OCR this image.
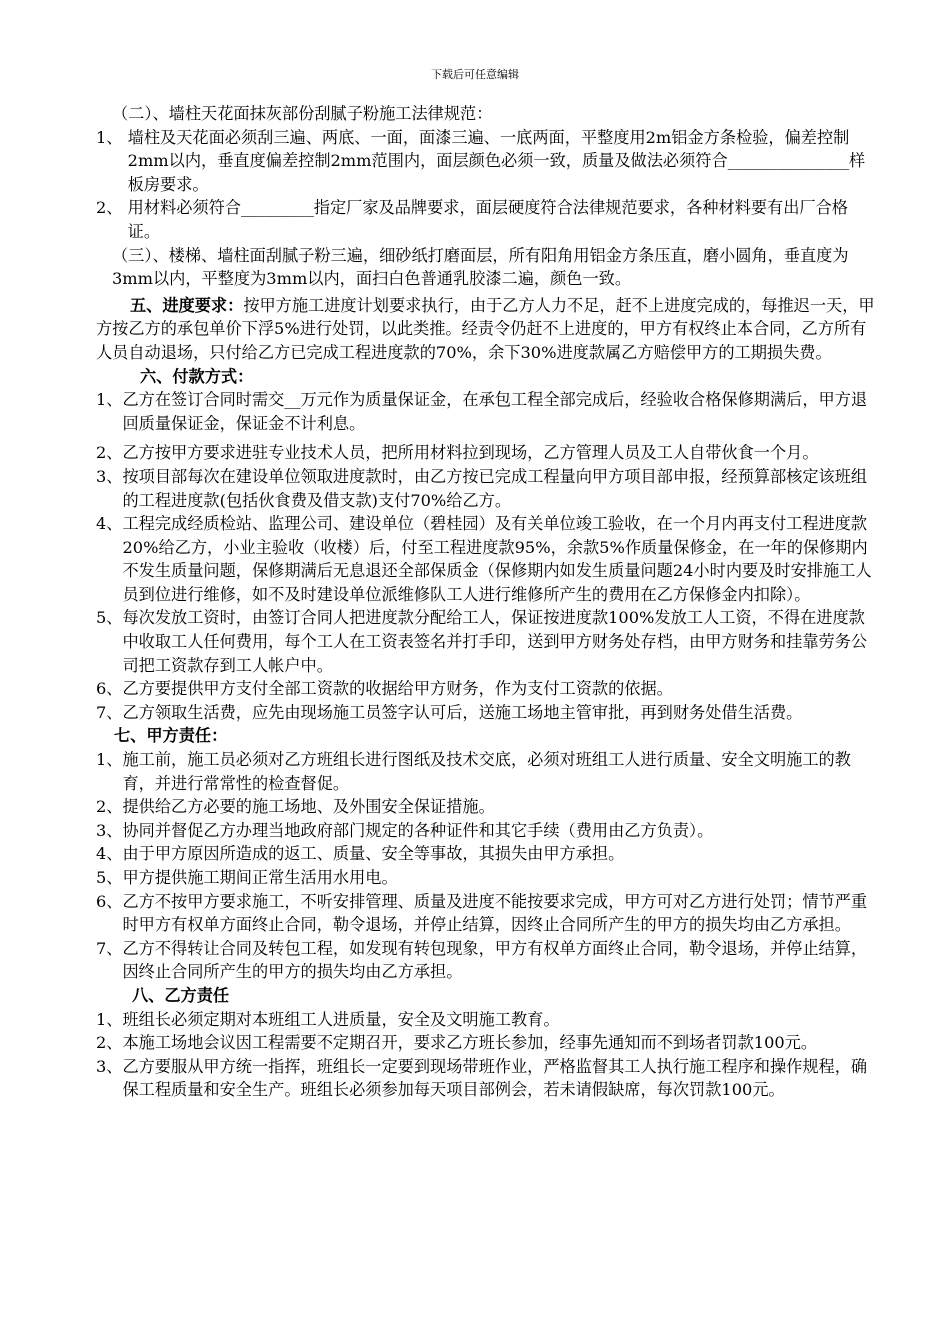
下载后可任意编辑

（二）、墙柱天花面抹灰部份刮腻子粉施工法律规范：

1、 墙柱及天花面必须刮三遍、两底、一面，面漆三遍、一底两面，平整度用2m铝金方条检验，偏差控制2mm以内，垂直度偏差控制2mm范围内，面层颜色必须一致，质量及做法必须符合_______________样板房要求。
2、 用材料必须符合_________指定厂家及品牌要求，面层硬度符合法律规范要求，各种材料要有出厂合格证。

（三）、楼梯、墙柱面刮腻子粉三遍，细砂纸打磨面层，所有阳角用铝金方条压直，磨小圆角，垂直度为3mm以内，平整度为3mm以内，面扫白色普通乳胶漆二遍，颜色一致。

五、进度要求：按甲方施工进度计划要求执行，由于乙方人力不足，赶不上进度完成的，每推迟一天，甲方按乙方的承包单价下浮5%进行处罚，以此类推。经责令仍赶不上进度的，甲方有权终止本合同，乙方所有人员自动退场，只付给乙方已完成工程进度款的70%，余下30%进度款属乙方赔偿甲方的工期损失费。

六、付款方式：

1、 乙方在签订合同时需交__万元作为质量保证金，在承包工程全部完成后，经验收合格保修期满后，甲方退回质量保证金，保证金不计利息。
2、 乙方按甲方要求进驻专业技术人员，把所用材料拉到现场，乙方管理人员及工人自带伙食一个月。
3、 按项目部每次在建设单位领取进度款时，由乙方按已完成工程量向甲方项目部申报，经预算部核定该班组的工程进度款(包括伙食费及借支款)支付70%给乙方。
4、 工程完成经质检站、监理公司、建设单位（碧桂园）及有关单位竣工验收，在一个月内再支付工程进度款20%给乙方，小业主验收（收楼）后，付至工程进度款95%，余款5%作质量保修金，在一年的保修期内不发生质量问题，保修期满后无息退还全部保质金（保修期内如发生质量问题24小时内要及时安排施工人员到位进行维修，如不及时建设单位派维修队工人进行维修所产生的费用在乙方保修金内扣除）。
5、 每次发放工资时，由签订合同人把进度款分配给工人，保证按进度款100%发放工人工资，不得在进度款中收取工人任何费用，每个工人在工资表签名并打手印，送到甲方财务处存档，由甲方财务和挂靠劳务公司把工资款存到工人帐户中。
6、 乙方要提供甲方支付全部工资款的收据给甲方财务，作为支付工资款的依据。
7、 乙方领取生活费，应先由现场施工员签字认可后，送施工场地主管审批，再到财务处借生活费。

七、甲方责任：

1、 施工前，施工员必须对乙方班组长进行图纸及技术交底，必须对班组工人进行质量、安全文明施工的教育，并进行常常性的检查督促。
2、 提供给乙方必要的施工场地、及外围安全保证措施。
3、 协同并督促乙方办理当地政府部门规定的各种证件和其它手续（费用由乙方负责）。
4、 由于甲方原因所造成的返工、质量、安全等事故，其损失由甲方承担。
5、 甲方提供施工期间正常生活用水用电。
6、 乙方不按甲方要求施工，不听安排管理、质量及进度不能按要求完成，甲方可对乙方进行处罚；情节严重时甲方有权单方面终止合同，勒令退场，并停止结算，因终止合同所产生的甲方的损失均由乙方承担。
7、 乙方不得转让合同及转包工程，如发现有转包现象，甲方有权单方面终止合同，勒令退场，并停止结算，因终止合同所产生的甲方的损失均由乙方承担。

八、乙方责任

1、 班组长必须定期对本班组工人进质量，安全及文明施工教育。
2、 本施工场地会议因工程需要不定期召开，要求乙方班长参加，经事先通知而不到场者罚款100元。
3、 乙方要服从甲方统一指挥，班组长一定要到现场带班作业，严格监督其工人执行施工程序和操作规程，确保工程质量和安全生产。班组长必须参加每天项目部例会，若未请假缺席，每次罚款100元。
